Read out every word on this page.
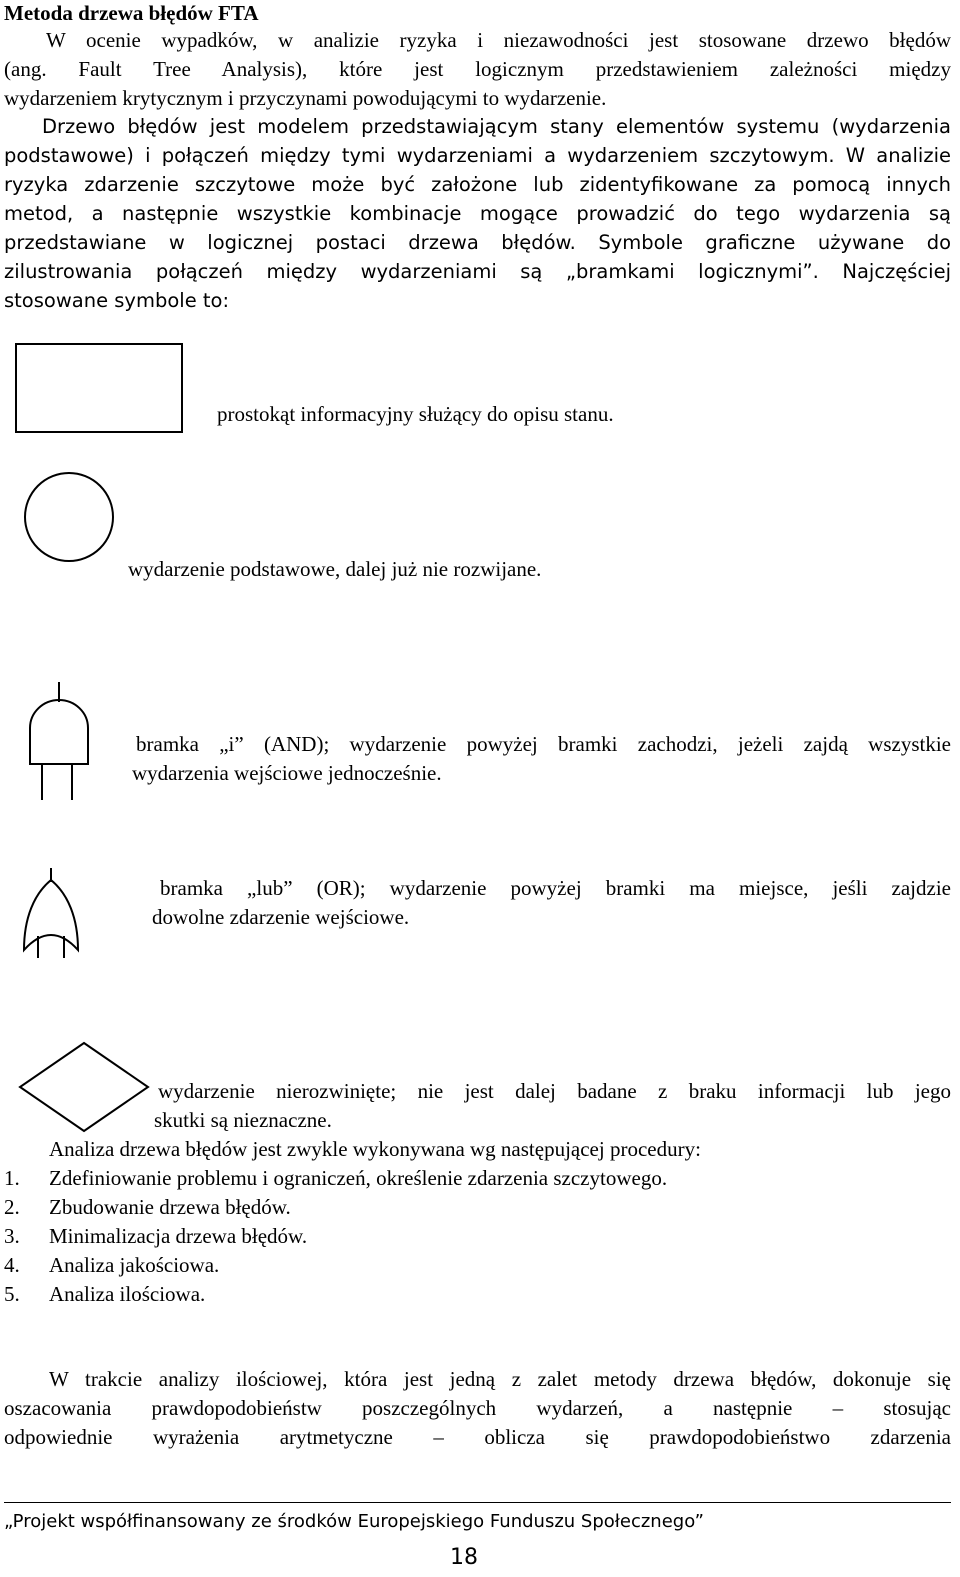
Metoda drzewa błędów FTA
W ocenie wypadków, w analizie ryzyka i niezawodności jest stosowane drzewo błędów
(ang. Fault Tree Analysis), które jest logicznym przedstawieniem zależności między
wydarzeniem krytycznym i przyczynami powodującymi to wydarzenie.
Drzewo błędów jest modelem przedstawiającym stany elementów systemu (wydarzenia
podstawowe) i połączeń między tymi wydarzeniami a wydarzeniem szczytowym. W analizie
ryzyka zdarzenie szczytowe może być założone lub zidentyfikowane za pomocą innych
metod, a następnie wszystkie kombinacje mogące prowadzić do tego wydarzenia są
przedstawiane w logicznej postaci drzewa błędów. Symbole graficzne używane do
zilustrowania połączeń między wydarzeniami są „bramkami logicznymi”. Najczęściej
stosowane symbole to:
prostokąt informacyjny służący do opisu stanu.
wydarzenie podstawowe, dalej już nie rozwijane.
bramka „i” (AND); wydarzenie powyżej bramki zachodzi, jeżeli zajdą wszystkie
wydarzenia wejściowe jednocześnie.
bramka „lub” (OR); wydarzenie powyżej bramki ma miejsce, jeśli zajdzie
dowolne zdarzenie wejściowe.
wydarzenie nierozwinięte; nie jest dalej badane z braku informacji lub jego
skutki są nieznaczne.
Analiza drzewa błędów jest zwykle wykonywana wg następującej procedury:
1.	Zdefiniowanie problemu i ograniczeń, określenie zdarzenia szczytowego.
2.	Zbudowanie drzewa błędów.
3.	Minimalizacja drzewa błędów.
4.	Analiza jakościowa.
5.	Analiza ilościowa.
W trakcie analizy ilościowej, która jest jedną z zalet metody drzewa błędów, dokonuje się
oszacowania prawdopodobieństw poszczególnych wydarzeń, a następnie – stosując
odpowiednie wyrażenia arytmetyczne – oblicza się prawdopodobieństwo zdarzenia
„Projekt współfinansowany ze środków Europejskiego Funduszu Społecznego”
18
